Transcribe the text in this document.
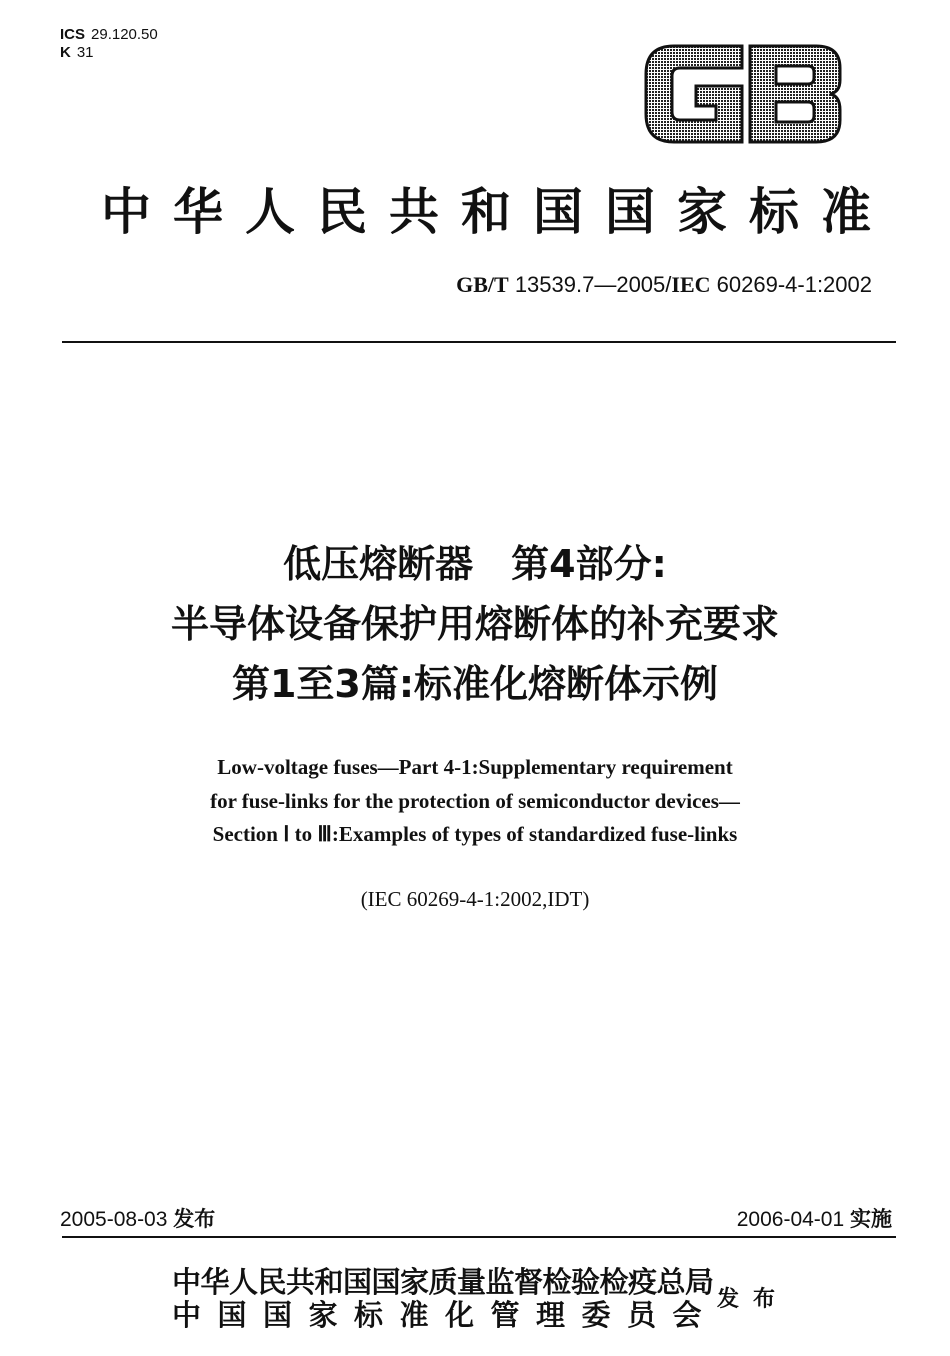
ICS 29.120.50
K 31
中华人民共和国国家标准
GB/T 13539.7—2005/IEC 60269-4-1:2002
低压熔断器　第4部分:
半导体设备保护用熔断体的补充要求
第1至3篇:标准化熔断体示例
Low-voltage fuses—Part 4-1:Supplementary requirement
for fuse-links for the protection of semiconductor devices—
Section Ⅰ to Ⅲ:Examples of types of standardized fuse-links
(IEC 60269-4-1:2002,IDT)
2005-08-03 发布	2006-04-01 实施
中华人民共和国国家质量监督检验检疫总局
中国国家标准化管理委员会
发布
